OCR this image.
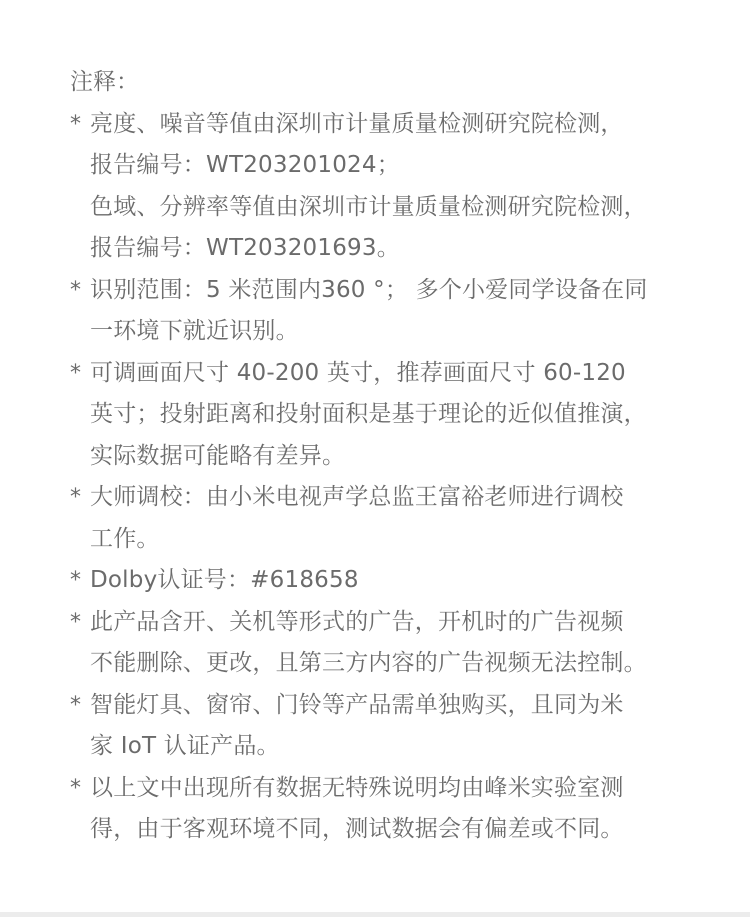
注释：
* 亮度、噪音等值由深圳市计量质量检测研究院检测，
报告编号：WT203201024；
色域、分辨率等值由深圳市计量质量检测研究院检测，
报告编号：WT203201693。
* 识别范围：5 米范围内360 °； 多个小爱同学设备在同
一环境下就近识别。
* 可调画面尺寸 40-200 英寸，推荐画面尺寸 60-120
英寸；投射距离和投射面积是基于理论的近似值推演，
实际数据可能略有差异。
* 大师调校：由小米电视声学总监王富裕老师进行调校
工作。
* Dolby认证号：#618658
* 此产品含开、关机等形式的广告，开机时的广告视频
不能删除、更改，且第三方内容的广告视频无法控制。
* 智能灯具、窗帘、门铃等产品需单独购买，且同为米
家 IoT 认证产品。
* 以上文中出现所有数据无特殊说明均由峰米实验室测
得，由于客观环境不同，测试数据会有偏差或不同。
